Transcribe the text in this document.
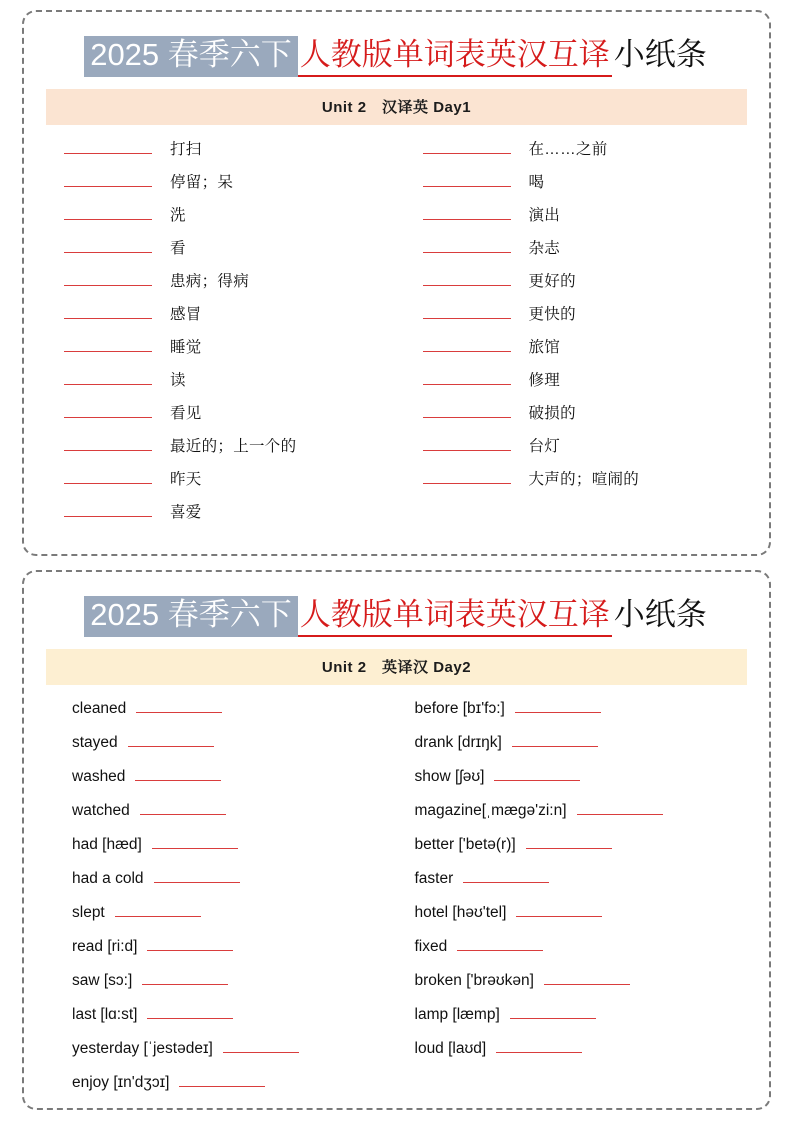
2025 春季六下 人教版单词表英汉互译 小纸条
Unit 2　汉译英 Day1
打扫
停留；呆
洗
看
患病；得病
感冒
睡觉
读
看见
最近的；上一个的
昨天
喜爱
在……之前
喝
演出
杂志
更好的
更快的
旅馆
修理
破损的
台灯
大声的；喧闹的
2025 春季六下 人教版单词表英汉互译 小纸条
Unit 2　英译汉 Day2
cleaned
stayed
washed
watched
had [hæd]
had a cold
slept
read [ri:d]
saw [sɔ:]
last [lɑ:st]
yesterday [ˈjestədeɪ]
enjoy [ɪn'dʒɔɪ]
before [bɪ'fɔ:]
drank [drɪŋk]
show [ʃəʊ]
magazine[ˌmægə'zi:n]
better ['betə(r)]
faster
hotel [həʊ'tel]
fixed
broken ['brəʊkən]
lamp [læmp]
loud [laʊd]
